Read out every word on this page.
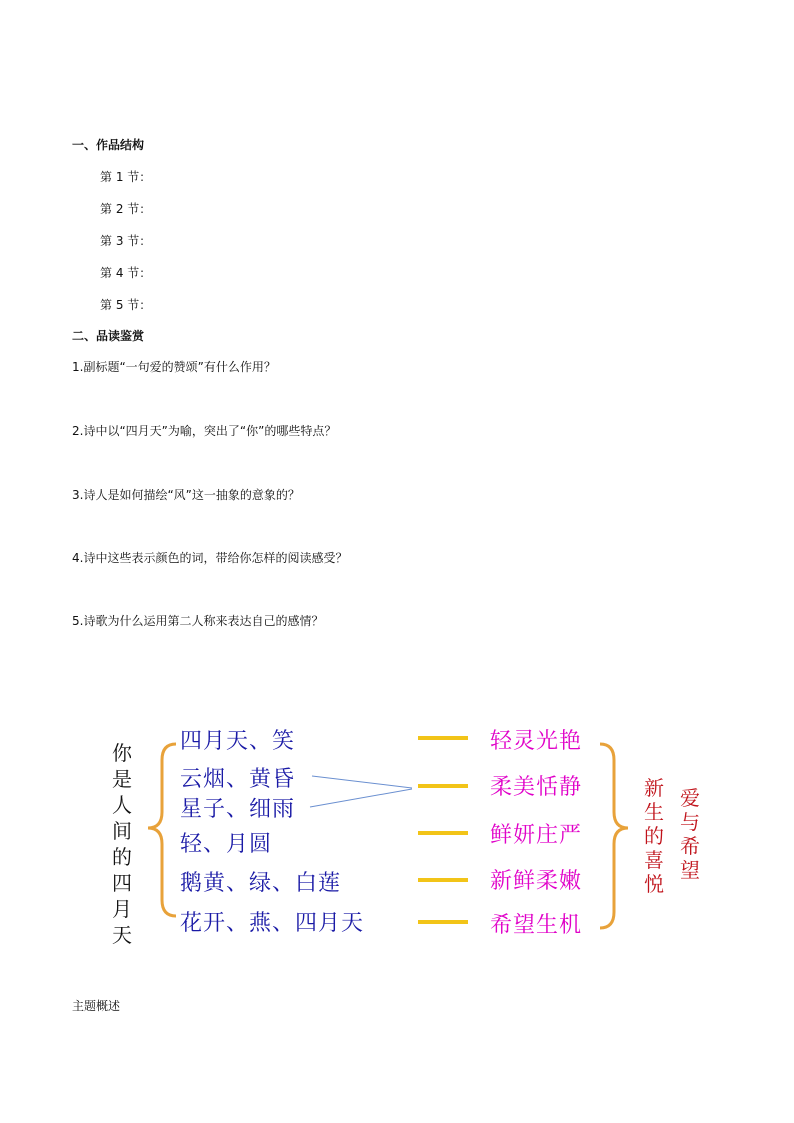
一、作品结构
第 1 节：
第 2 节：
第 3 节：
第 4 节：
第 5 节：
二、品读鉴赏
1.副标题“一句爱的赞颂”有什么作用？
2.诗中以“四月天”为喻，突出了“你”的哪些特点？
3.诗人是如何描绘“风”这一抽象的意象的？
4.诗中这些表示颜色的词，带给你怎样的阅读感受？
5.诗歌为什么运用第二人称来表达自己的感情？
你
是
人
间
的
四
月
天
四月天、笑
云烟、黄昏
星子、细雨
轻、月圆
鹅黄、绿、白莲
花开、燕、四月天
轻灵光艳
柔美恬静
鲜妍庄严
新鲜柔嫩
希望生机
新
生
的
喜
悦
爱
与
希
望
主题概述
